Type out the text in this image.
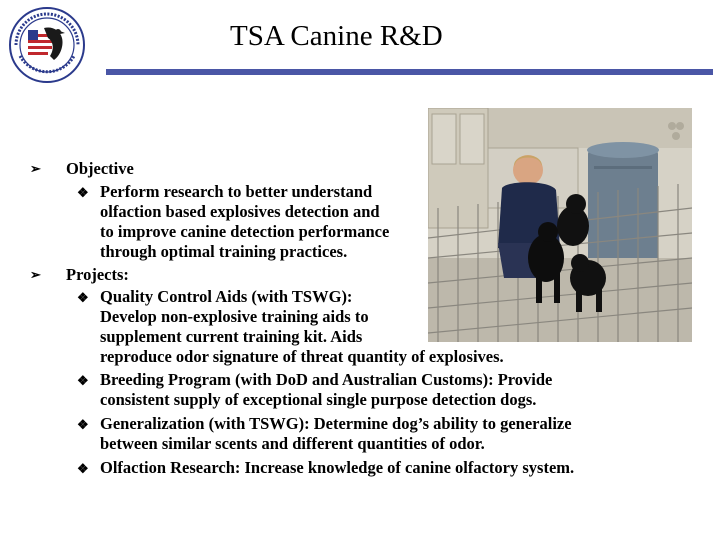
TSA Canine R&D
➢ Objective
❖ Perform research to better understand
olfaction based explosives detection and
to improve canine detection performance
through optimal training practices.
➢ Projects:
❖ Quality Control Aids (with TSWG):
Develop non-explosive training aids to
supplement current training kit. Aids
reproduce odor signature of threat quantity of explosives.
❖ Breeding Program (with DoD and Australian Customs): Provide
consistent supply of exceptional single purpose detection dogs.
❖ Generalization (with TSWG): Determine dog’s ability to generalize
between similar scents and different quantities of odor.
❖ Olfaction Research: Increase knowledge of canine olfactory system.
